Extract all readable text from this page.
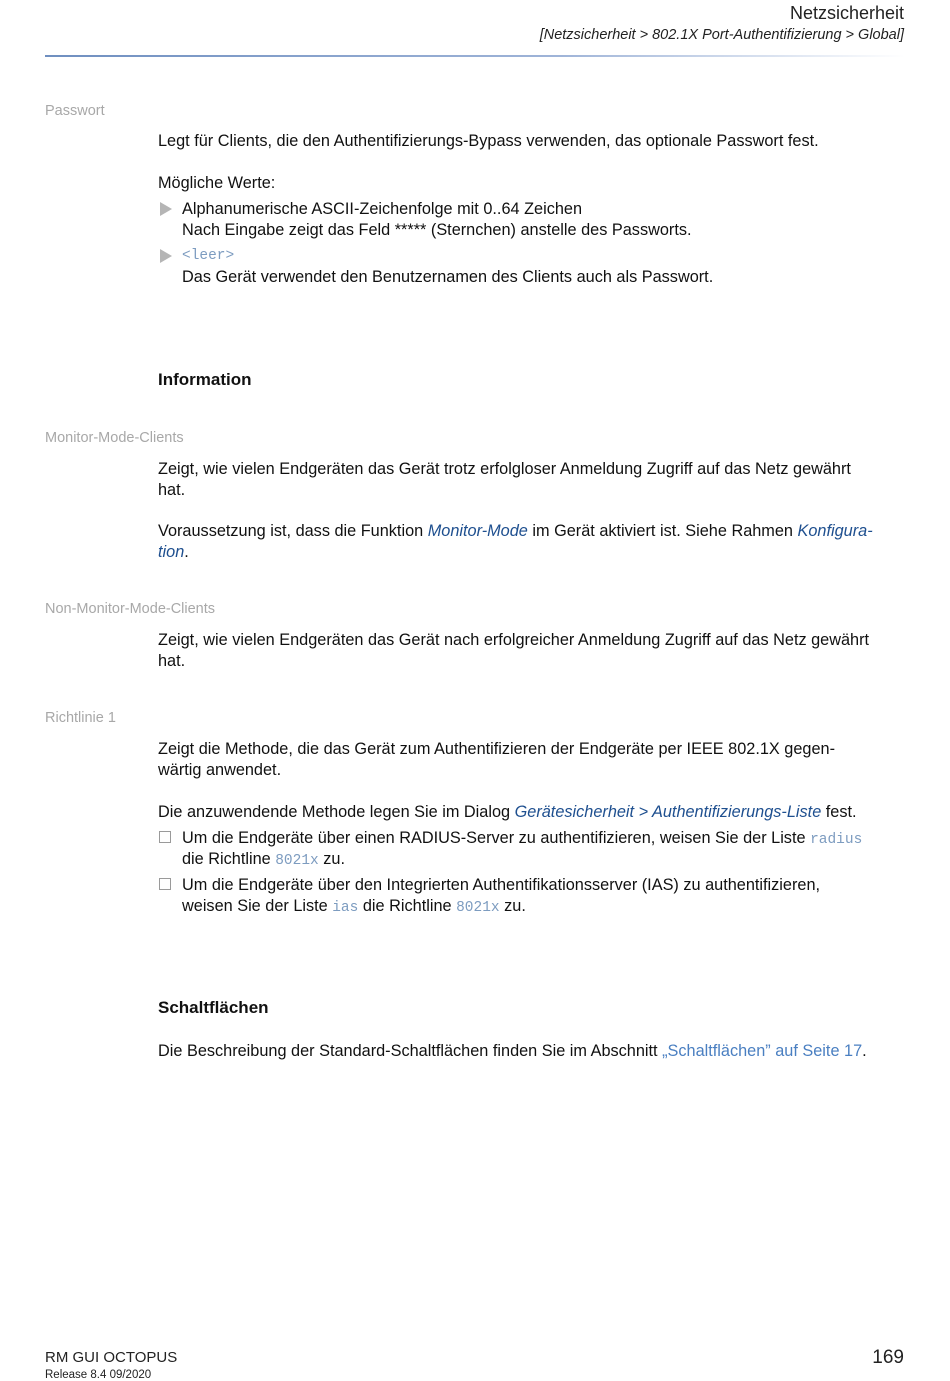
Netzsicherheit
[Netzsicherheit > 802.1X Port-Authentifizierung > Global]
Passwort
Legt für Clients, die den Authentifizierungs-Bypass verwenden, das optionale Passwort fest.
Mögliche Werte:
Alphanumerische ASCII-Zeichenfolge mit 0..64 Zeichen
Nach Eingabe zeigt das Feld ***** (Sternchen) anstelle des Passworts.
<leer>
Das Gerät verwendet den Benutzernamen des Clients auch als Passwort.
Information
Monitor-Mode-Clients
Zeigt, wie vielen Endgeräten das Gerät trotz erfolgloser Anmeldung Zugriff auf das Netz gewährt
hat.
Voraussetzung ist, dass die Funktion Monitor-Mode im Gerät aktiviert ist. Siehe Rahmen Konfigura-
tion.
Non-Monitor-Mode-Clients
Zeigt, wie vielen Endgeräten das Gerät nach erfolgreicher Anmeldung Zugriff auf das Netz gewährt
hat.
Richtlinie 1
Zeigt die Methode, die das Gerät zum Authentifizieren der Endgeräte per IEEE 802.1X gegen-
wärtig anwendet.
Die anzuwendende Methode legen Sie im Dialog Gerätesicherheit > Authentifizierungs-Liste fest.
Um die Endgeräte über einen RADIUS-Server zu authentifizieren, weisen Sie der Liste radius
die Richtline 8021x zu.
Um die Endgeräte über den Integrierten Authentifikationsserver (IAS) zu authentifizieren,
weisen Sie der Liste ias die Richtline 8021x zu.
Schaltflächen
Die Beschreibung der Standard-Schaltflächen finden Sie im Abschnitt „Schaltflächen” auf Seite 17.
RM GUI OCTOPUS
Release 8.4 09/2020
169
